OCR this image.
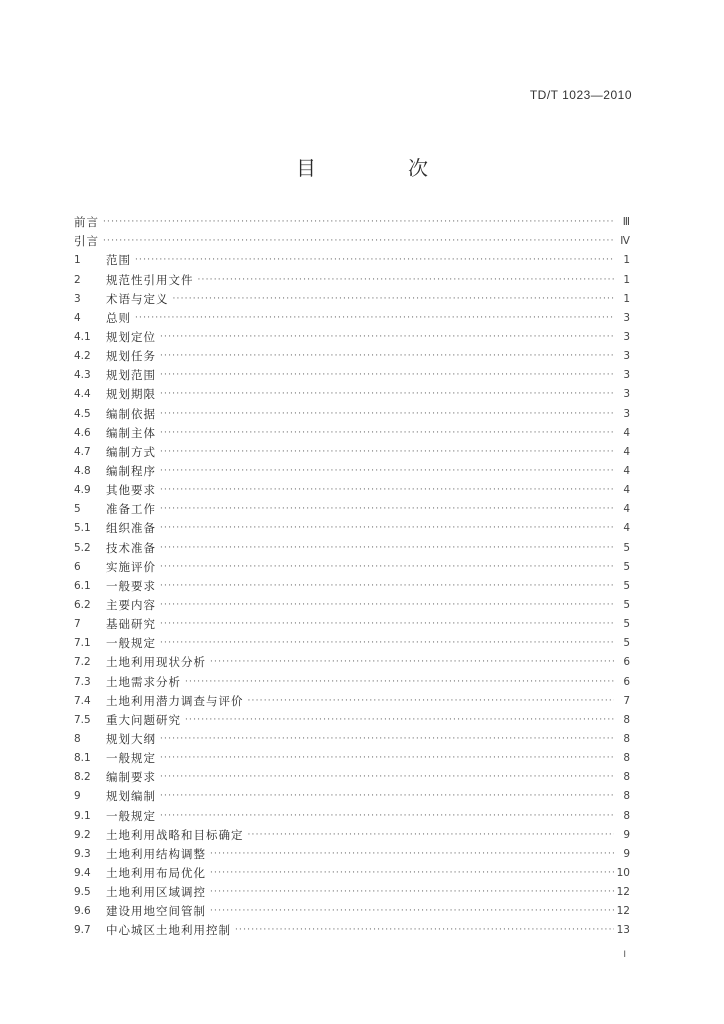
TD/T 1023—2010
目　次
前言 ·····	Ⅲ
引言 ·····	Ⅳ
1	范围 ·····	1
2	规范性引用文件 ·····	1
3	术语与定义 ·····	1
4	总则 ·····	3
4.1	规划定位 ·····	3
4.2	规划任务 ·····	3
4.3	规划范围 ·····	3
4.4	规划期限 ·····	3
4.5	编制依据 ·····	3
4.6	编制主体 ·····	4
4.7	编制方式 ·····	4
4.8	编制程序 ·····	4
4.9	其他要求 ·····	4
5	准备工作 ·····	4
5.1	组织准备 ·····	4
5.2	技术准备 ·····	5
6	实施评价 ·····	5
6.1	一般要求 ·····	5
6.2	主要内容 ·····	5
7	基础研究 ·····	5
7.1	一般规定 ·····	5
7.2	土地利用现状分析 ·····	6
7.3	土地需求分析 ·····	6
7.4	土地利用潜力调查与评价 ·····	7
7.5	重大问题研究 ·····	8
8	规划大纲 ·····	8
8.1	一般规定 ·····	8
8.2	编制要求 ·····	8
9	规划编制 ·····	8
9.1	一般规定 ·····	8
9.2	土地利用战略和目标确定 ·····	9
9.3	土地利用结构调整 ·····	9
9.4	土地利用布局优化 ·····	10
9.5	土地利用区域调控 ·····	12
9.6	建设用地空间管制 ·····	12
9.7	中心城区土地利用控制 ·····	13
I
